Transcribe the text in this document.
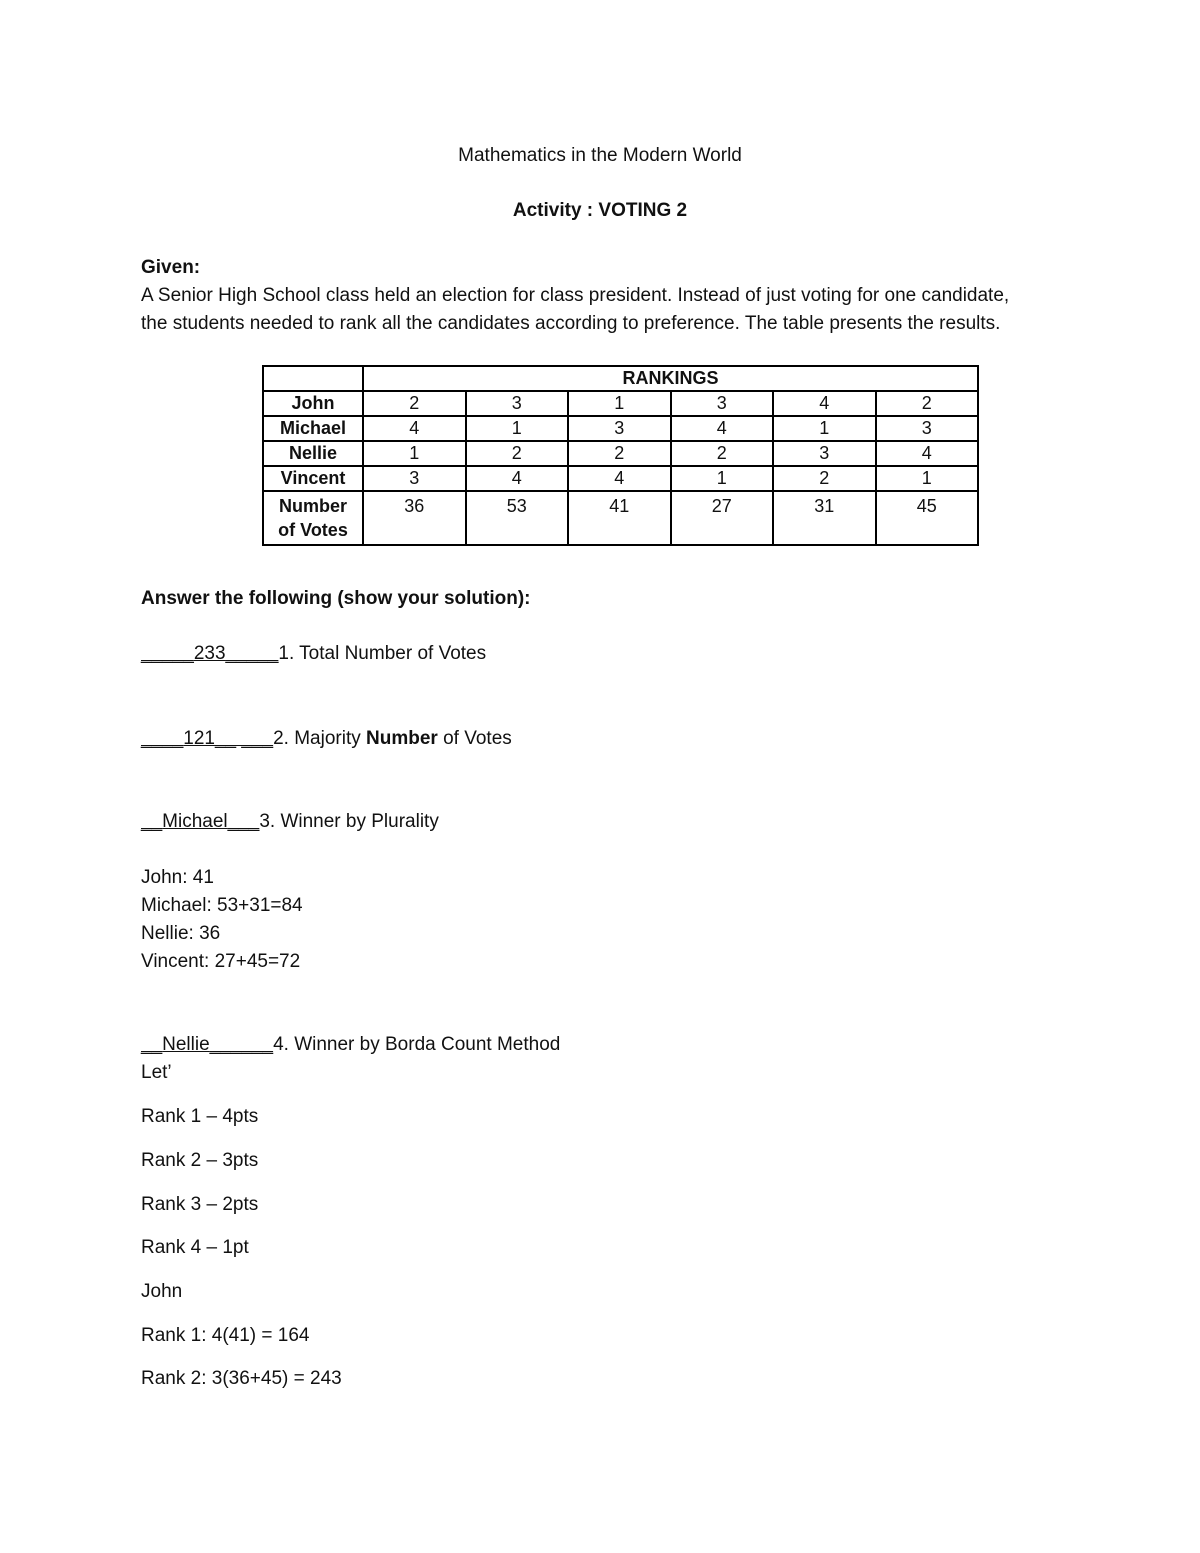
Mathematics in the Modern World
Activity : VOTING 2
Given:
A Senior High School class held an election for class president. Instead of just voting for one candidate,
the students needed to rank all the candidates according to preference. The table presents the results.
	RANKINGS					
John	2	3	1	3	4	2
Michael	4	1	3	4	1	3
Nellie	1	2	2	2	3	4
Vincent	3	4	4	1	2	1
Number
of Votes	36	53	41	27	31	45
Answer the following (show your solution):
_____233_____1. Total Number of Votes
____121__ ___2. Majority Number of Votes
__Michael___3. Winner by Plurality
John: 41
Michael: 53+31=84
Nellie: 36
Vincent: 27+45=72
__Nellie______4. Winner by Borda Count Method
Let’
Rank 1 – 4pts
Rank 2 – 3pts
Rank 3 – 2pts
Rank 4 – 1pt
John
Rank 1: 4(41) = 164
Rank 2: 3(36+45) = 243
